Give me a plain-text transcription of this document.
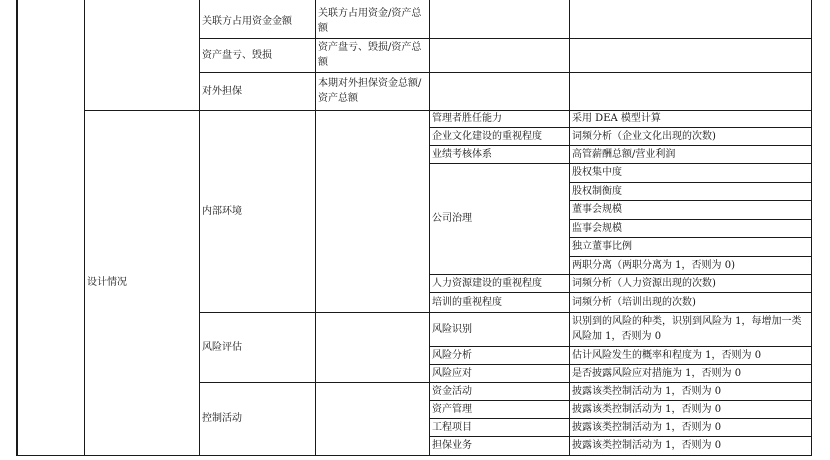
关联方占用资金金额
关联方占用资金/资产总额
资产盘亏、毁损
资产盘亏、毁损/资产总额
对外担保
本期对外担保资金总额/资产总额
设计情况
内部环境
风险评估
控制活动
管理者胜任能力
企业文化建设的重视程度
业绩考核体系
公司治理
人力资源建设的重视程度
培训的重视程度
风险识别
风险分析
风险应对
资金活动
资产管理
工程项目
担保业务
采用 DEA 模型计算
词频分析（企业文化出现的次数)
高管薪酬总额/营业利润
股权集中度
股权制衡度
董事会规模
监事会规模
独立董事比例
两职分离（两职分离为 1，否则为 0)
词频分析（人力资源出现的次数)
词频分析（培训出现的次数)
识别到的风险的种类，识别到风险为 1，每增加一类风险加 1，否则为 0
估计风险发生的概率和程度为 1，否则为 0
是否披露风险应对措施为 1，否则为 0
披露该类控制活动为 1，否则为 0
披露该类控制活动为 1，否则为 0
披露该类控制活动为 1，否则为 0
披露该类控制活动为 1，否则为 0
